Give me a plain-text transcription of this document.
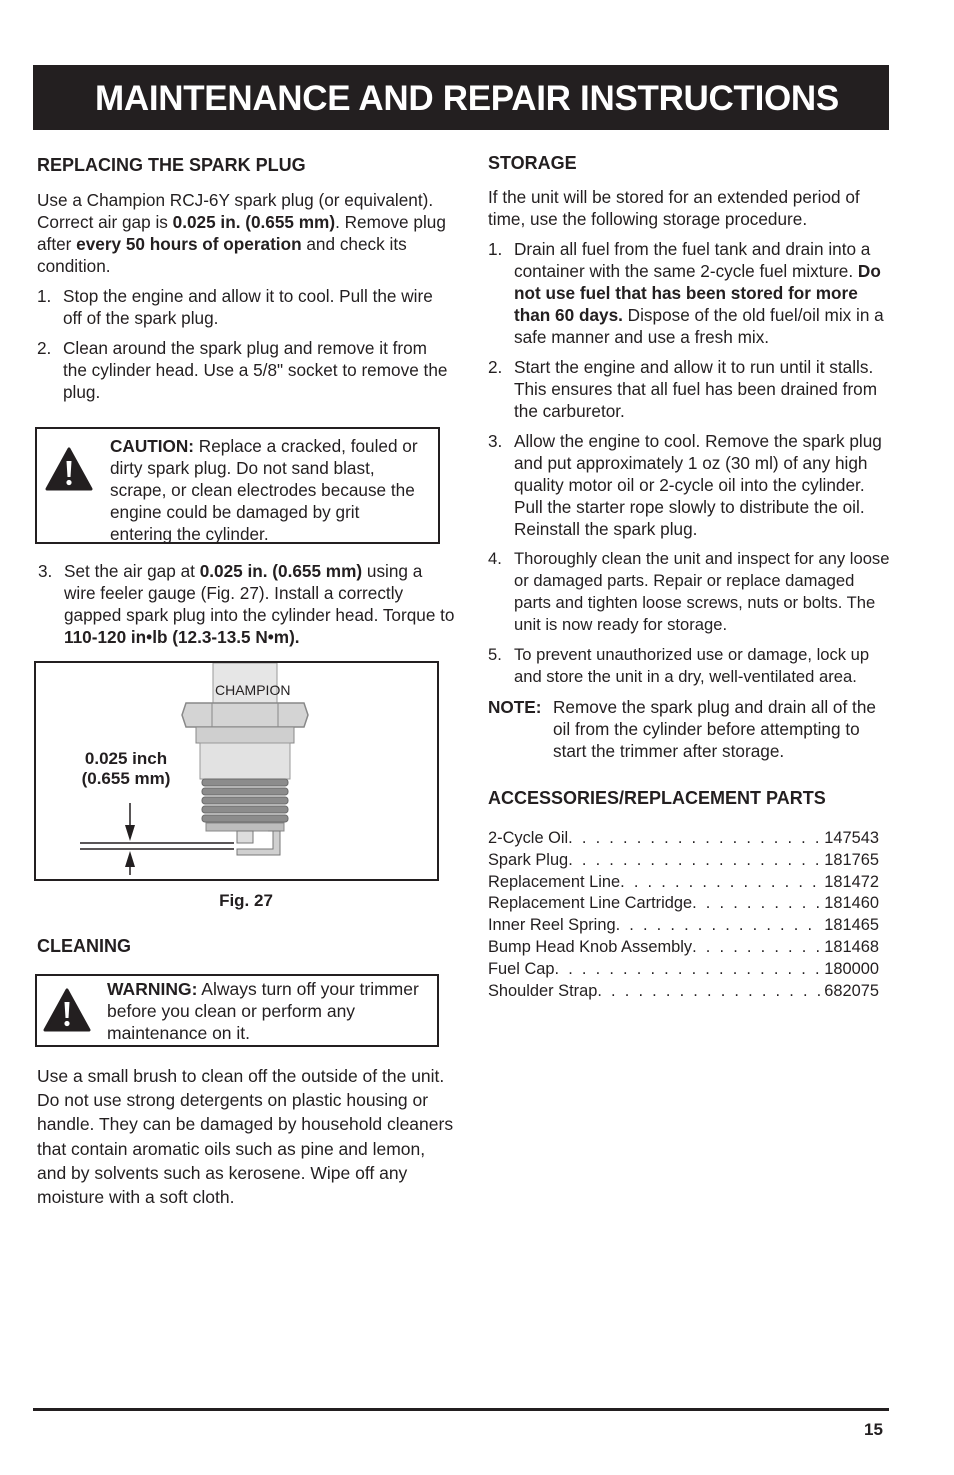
MAINTENANCE AND REPAIR INSTRUCTIONS
REPLACING THE SPARK PLUG

Use a Champion RCJ-6Y spark plug (or equivalent). Correct air gap is 0.025 in. (0.655 mm). Remove plug after every 50 hours of operation and check its condition.

1. Stop the engine and allow it to cool. Pull the wire off of the spark plug.
2. Clean around the spark plug and remove it from the cylinder head. Use a 5/8" socket to remove the plug.

CAUTION: Replace a cracked, fouled or dirty spark plug. Do not sand blast, scrape, or clean electrodes because the engine could be damaged by grit entering the cylinder.

3. Set the air gap at 0.025 in. (0.655 mm) using a wire feeler gauge (Fig. 27). Install a correctly gapped spark plug into the cylinder head. Torque to 110-120 in•lb (12.3-13.5 N•m).

CHAMPION
0.025 inch
(0.655 mm)
Fig. 27
CLEANING

WARNING: Always turn off your trimmer before you clean or perform any maintenance on it.

Use a small brush to clean off the outside of the unit. Do not use strong detergents on plastic housing or handle. They can be damaged by household cleaners that contain aromatic oils such as pine and lemon, and by solvents such as kerosene. Wipe off any moisture with a soft cloth.

STORAGE

If the unit will be stored for an extended period of time, use the following storage procedure.

1. Drain all fuel from the fuel tank and drain into a container with the same 2-cycle fuel mixture. Do not use fuel that has been stored for more than 60 days. Dispose of the old fuel/oil mix in a safe manner and use a fresh mix.
2. Start the engine and allow it to run until it stalls. This ensures that all fuel has been drained from the carburetor.
3. Allow the engine to cool. Remove the spark plug and put approximately 1 oz (30 ml) of any high quality motor oil or 2-cycle oil into the cylinder. Pull the starter rope slowly to distribute the oil. Reinstall the spark plug.
4. Thoroughly clean the unit and inspect for any loose or damaged parts. Repair or replace damaged parts and tighten loose screws, nuts or bolts. The unit is now ready for storage.
5. To prevent unauthorized use or damage, lock up and store the unit in a dry, well-ventilated area.

NOTE: Remove the spark plug and drain all of the oil from the cylinder before attempting to start the trimmer after storage.

ACCESSORIES/REPLACEMENT PARTS
2-Cycle Oil . . .	147543
Spark Plug . . .	181765
Replacement Line . . .	181472
Replacement Line Cartridge . . .	181460
Inner Reel Spring . . .	181465
Bump Head Knob Assembly . . .	181468
Fuel Cap . . .	180000
Shoulder Strap . . .	682075
15
